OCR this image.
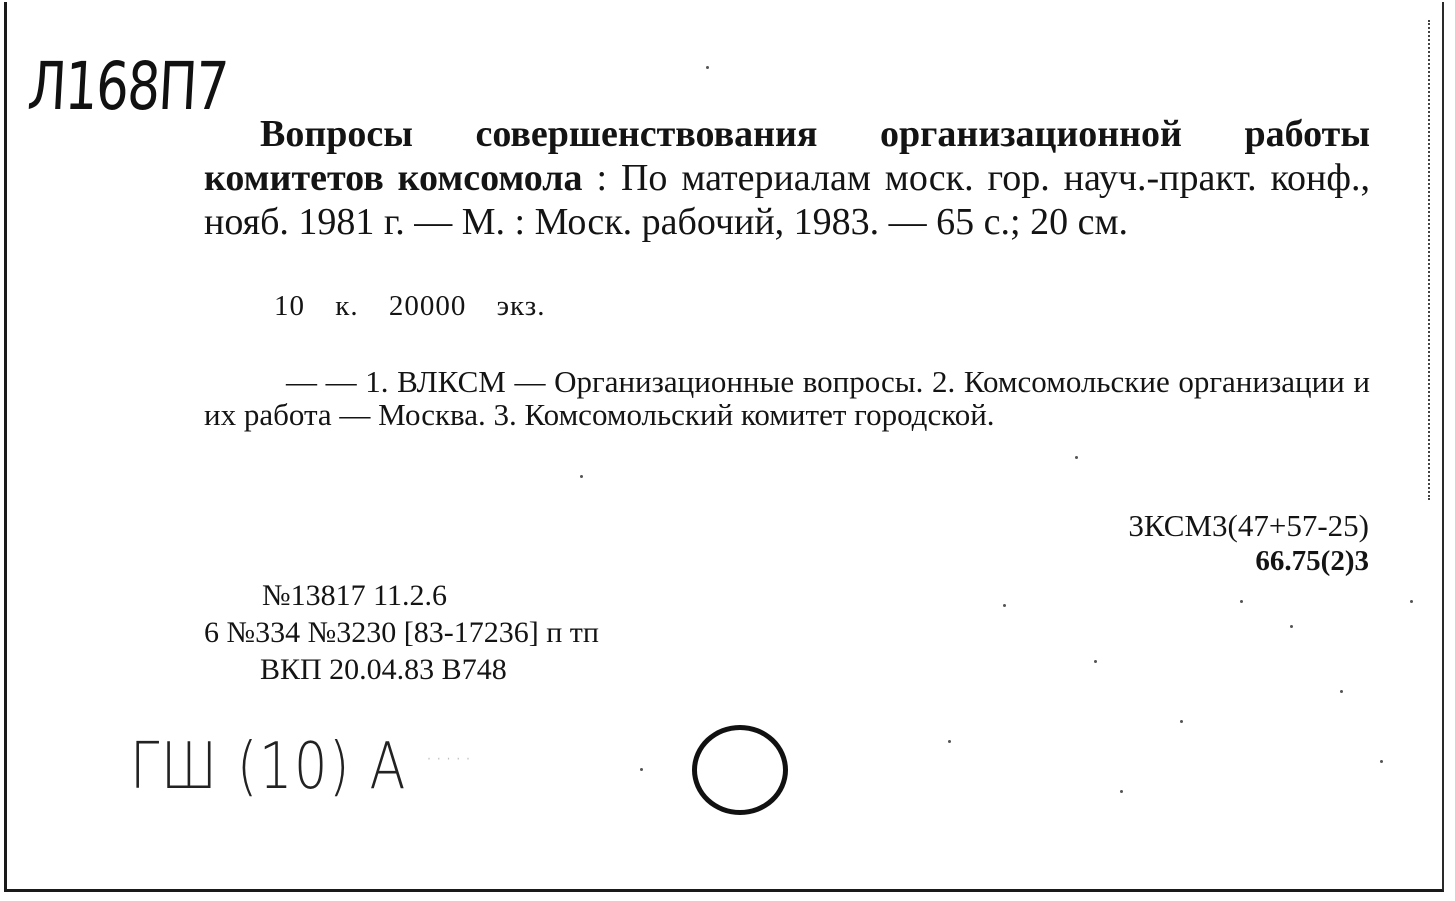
Л168П7
Вопросы совершенствования организационной работы комитетов комсомола : По материалам моск. гор. науч.-практ. конф., нояб. 1981 г. — М. : Моск. рабочий, 1983. — 65 с.; 20 см.
10 к. 20000 экз.
— — 1. ВЛКСМ — Организационные вопросы. 2. Комсомольские организации и их работа — Москва. 3. Комсомольский комитет городской.
3КСМ3(47+57-25)
66.75(2)3
№13817 11.2.6
6 №334 №3230 [83-17236] п тп
ВКП 20.04.83 В748
ГШ (10) А ·····
